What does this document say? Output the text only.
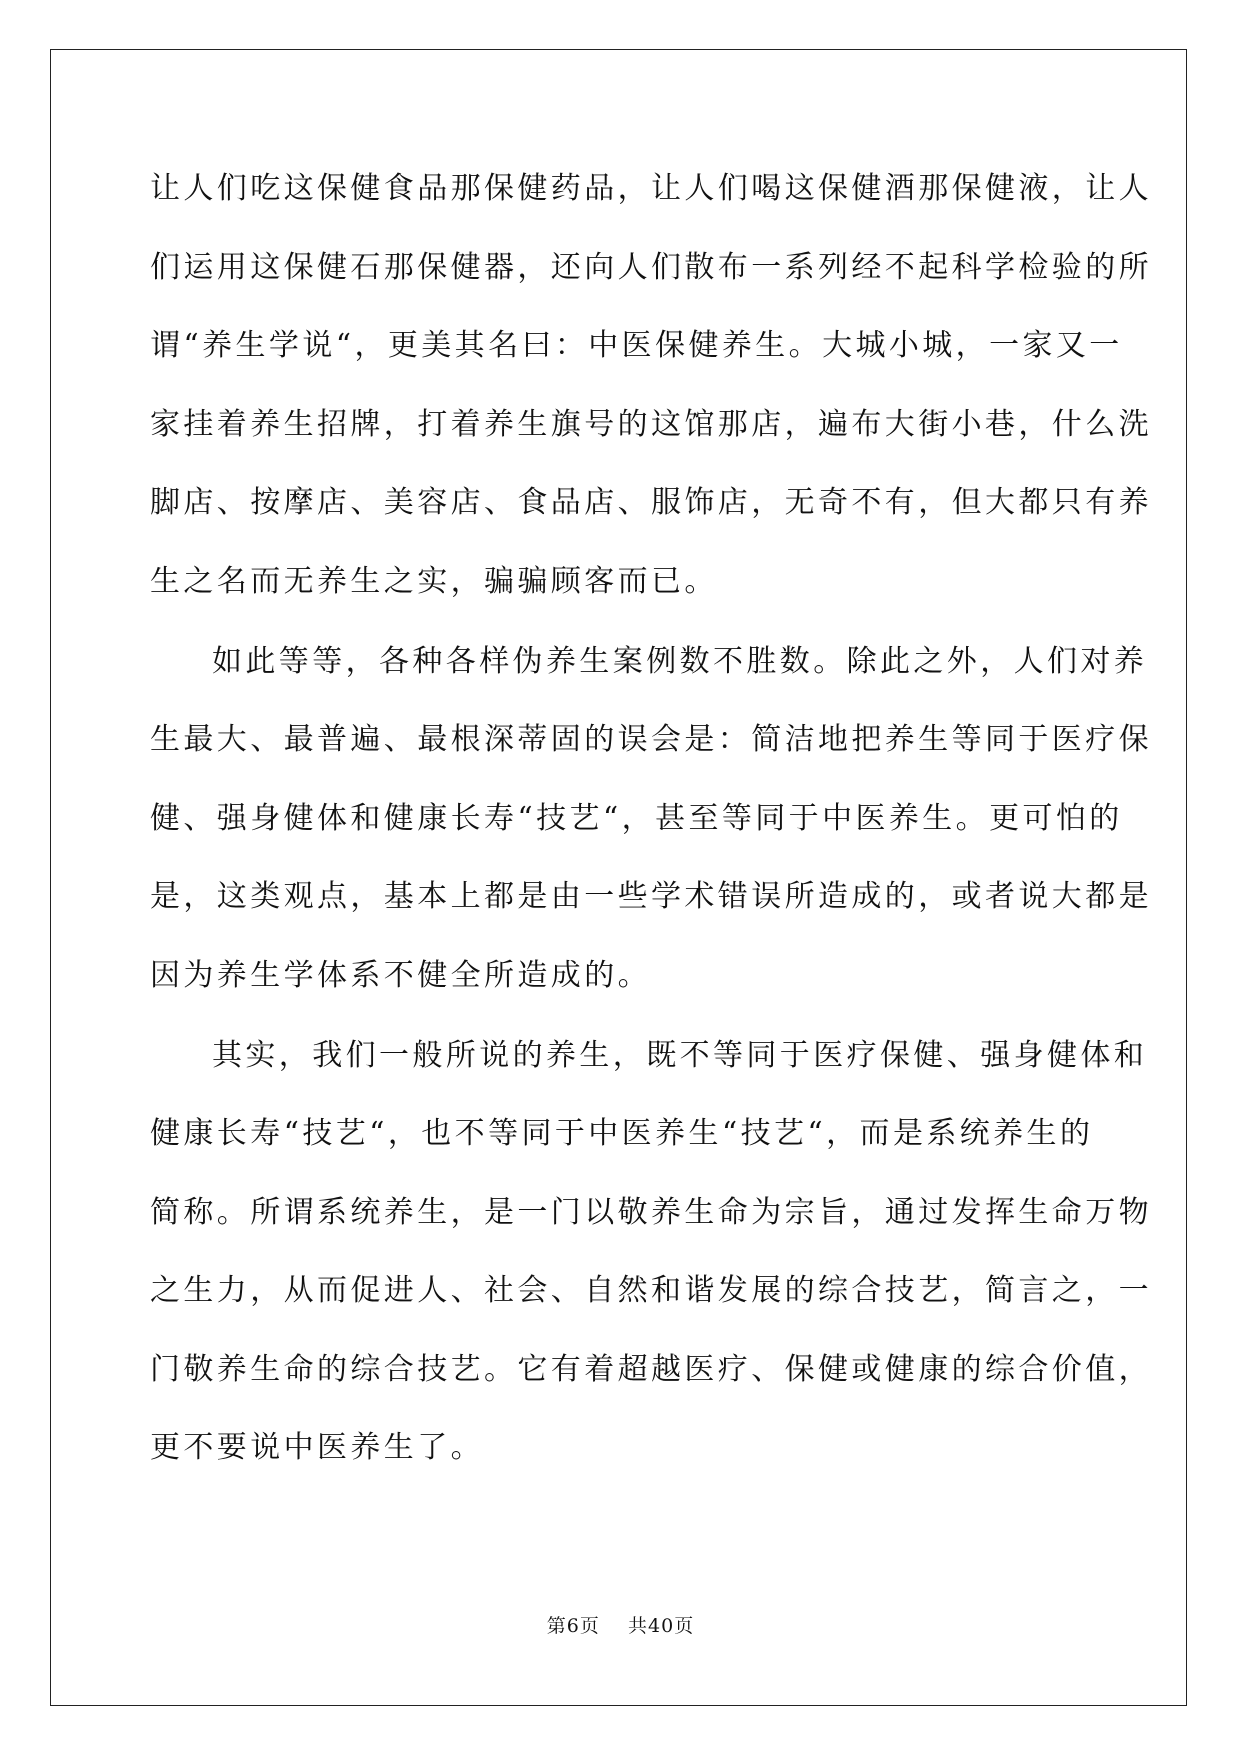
让人们吃这保健食品那保健药品，让人们喝这保健酒那保健液，让人
们运用这保健石那保健器，还向人们散布一系列经不起科学检验的所
谓“养生学说“，更美其名曰：中医保健养生。大城小城，一家又一
家挂着养生招牌，打着养生旗号的这馆那店，遍布大街小巷，什么洗
脚店、按摩店、美容店、食品店、服饰店，无奇不有，但大都只有养
生之名而无养生之实，骗骗顾客而已。
如此等等，各种各样伪养生案例数不胜数。除此之外，人们对养
生最大、最普遍、最根深蒂固的误会是：简洁地把养生等同于医疗保
健、强身健体和健康长寿“技艺“，甚至等同于中医养生。更可怕的
是，这类观点，基本上都是由一些学术错误所造成的，或者说大都是
因为养生学体系不健全所造成的。
其实，我们一般所说的养生，既不等同于医疗保健、强身健体和
健康长寿“技艺“，也不等同于中医养生“技艺“，而是系统养生的
简称。所谓系统养生，是一门以敬养生命为宗旨，通过发挥生命万物
之生力，从而促进人、社会、自然和谐发展的综合技艺，简言之，一
门敬养生命的综合技艺。它有着超越医疗、保健或健康的综合价值，
更不要说中医养生了。
第6页 共40页
